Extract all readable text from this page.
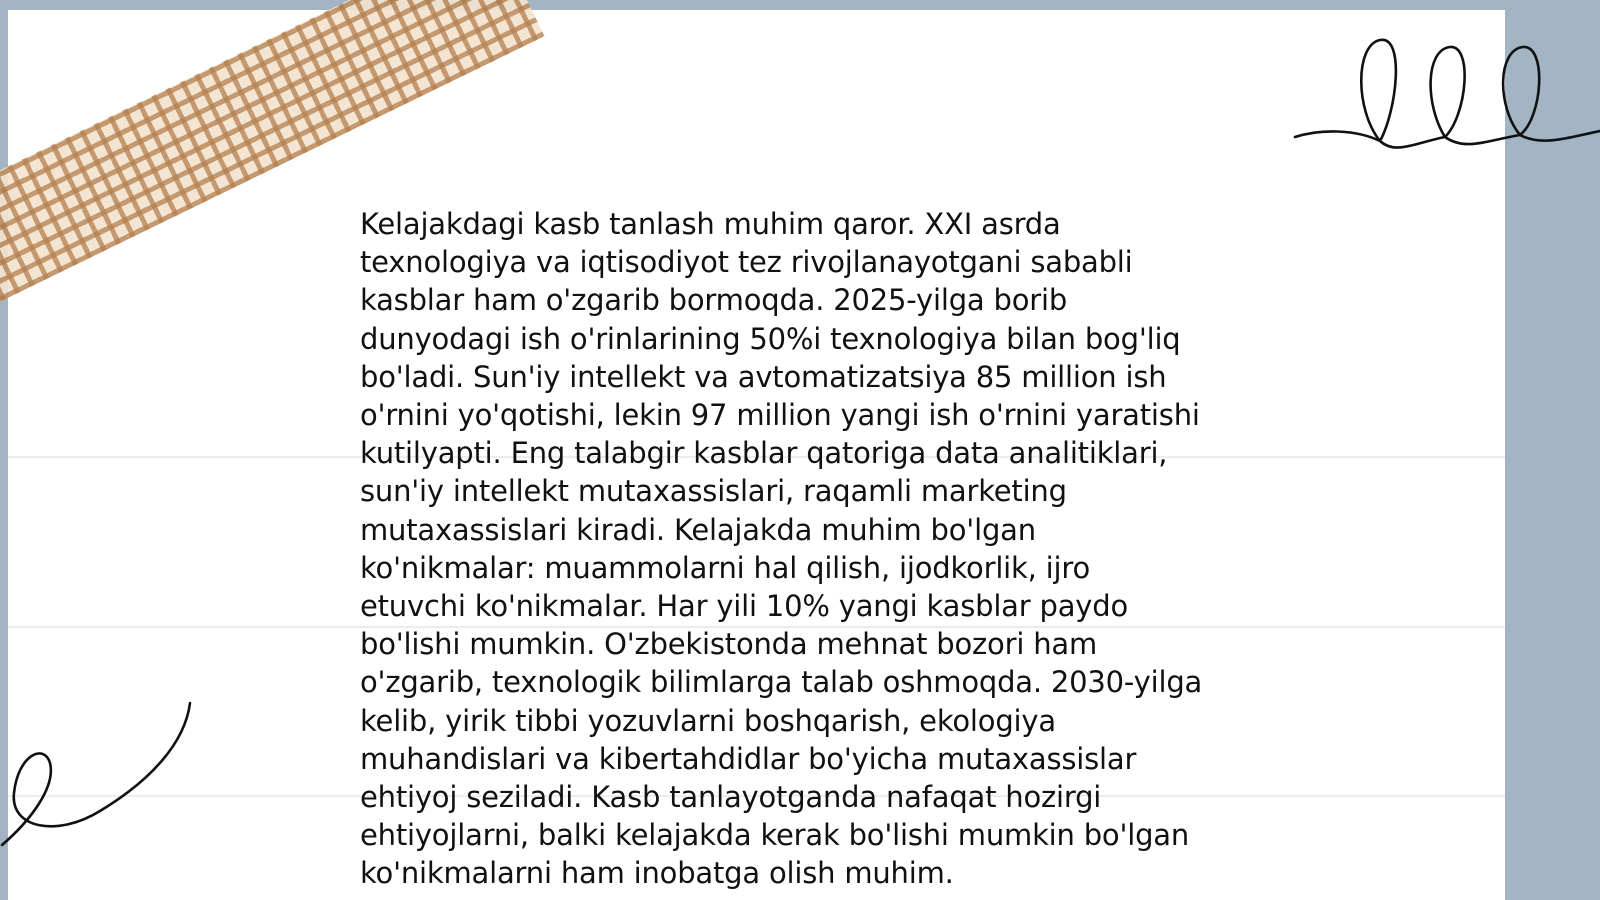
Kelajakdagi kasb tanlash muhim qaror. XXI asrda
texnologiya va iqtisodiyot tez rivojlanayotgani sababli
kasblar ham o'zgarib bormoqda. 2025-yilga borib
dunyodagi ish o'rinlarining 50%i texnologiya bilan bog'liq
bo'ladi. Sun'iy intellekt va avtomatizatsiya 85 million ish
o'rnini yo'qotishi, lekin 97 million yangi ish o'rnini yaratishi
kutilyapti. Eng talabgir kasblar qatoriga data analitiklari,
sun'iy intellekt mutaxassislari, raqamli marketing
mutaxassislari kiradi. Kelajakda muhim bo'lgan
ko'nikmalar: muammolarni hal qilish, ijodkorlik, ijro
etuvchi ko'nikmalar. Har yili 10% yangi kasblar paydo
bo'lishi mumkin. O'zbekistonda mehnat bozori ham
o'zgarib, texnologik bilimlarga talab oshmoqda. 2030-yilga
kelib, yirik tibbi yozuvlarni boshqarish, ekologiya
muhandislari va kibertahdidlar bo'yicha mutaxassislar
ehtiyoj seziladi. Kasb tanlayotganda nafaqat hozirgi
ehtiyojlarni, balki kelajakda kerak bo'lishi mumkin bo'lgan
ko'nikmalarni ham inobatga olish muhim.
